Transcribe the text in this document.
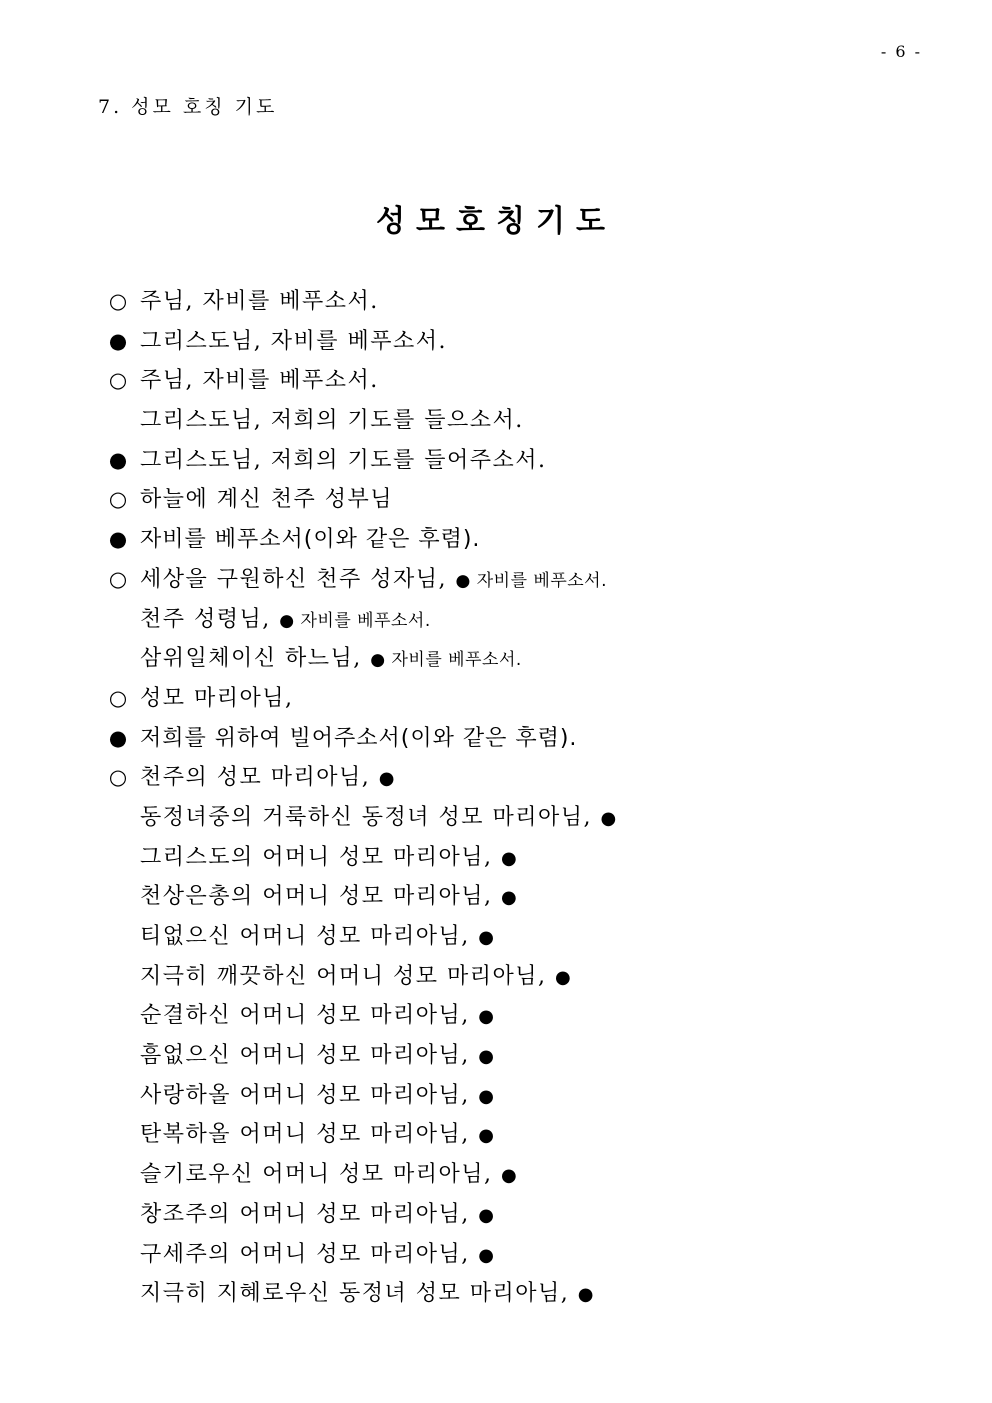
- 6 -
7. 성모 호칭 기도
성모호칭기도
○ 주님, 자비를 베푸소서.
● 그리스도님, 자비를 베푸소서.
○ 주님, 자비를 베푸소서.
그리스도님, 저희의 기도를 들으소서.
● 그리스도님, 저희의 기도를 들어주소서.
○ 하늘에 계신 천주 성부님
● 자비를 베푸소서(이와 같은 후렴).
○ 세상을 구원하신 천주 성자님, ● 자비를 베푸소서.
천주 성령님, ● 자비를 베푸소서.
삼위일체이신 하느님, ● 자비를 베푸소서.
○ 성모 마리아님,
● 저희를 위하여 빌어주소서(이와 같은 후렴).
○ 천주의 성모 마리아님, ●
동정녀중의 거룩하신 동정녀 성모 마리아님, ●
그리스도의 어머니 성모 마리아님, ●
천상은총의 어머니 성모 마리아님, ●
티없으신 어머니 성모 마리아님, ●
지극히 깨끗하신 어머니 성모 마리아님, ●
순결하신 어머니 성모 마리아님, ●
흠없으신 어머니 성모 마리아님, ●
사랑하올 어머니 성모 마리아님, ●
탄복하올 어머니 성모 마리아님, ●
슬기로우신 어머니 성모 마리아님, ●
창조주의 어머니 성모 마리아님, ●
구세주의 어머니 성모 마리아님, ●
지극히 지혜로우신 동정녀 성모 마리아님, ●
